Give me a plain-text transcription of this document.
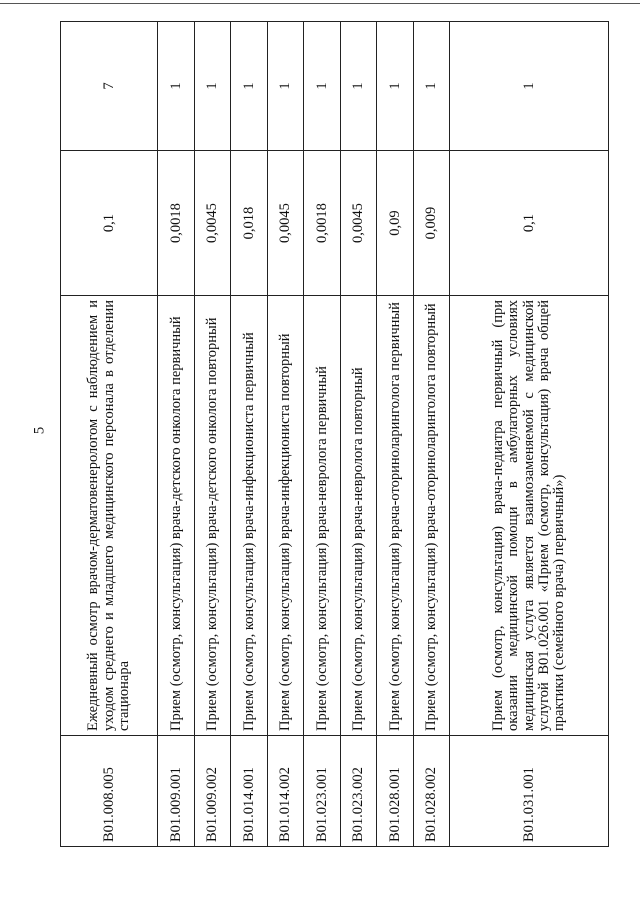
5
B01.008.005	Ежедневный осмотр врачом-дерматовенерологом с наблюдением и уходом среднего и младшего медицинского персонала в отделении стационара	0,1	7
B01.009.001	Прием (осмотр, консультация) врача-детского онколога первичный	0,0018	1
B01.009.002	Прием (осмотр, консультация) врача-детского онколога повторный	0,0045	1
B01.014.001	Прием (осмотр, консультация) врача-инфекциониста первичный	0,018	1
B01.014.002	Прием (осмотр, консультация) врача-инфекциониста повторный	0,0045	1
B01.023.001	Прием (осмотр, консультация) врача-невролога первичный	0,0018	1
B01.023.002	Прием (осмотр, консультация) врача-невролога повторный	0,0045	1
B01.028.001	Прием (осмотр, консультация) врача-оториноларинголога первичный	0,09	1
B01.028.002	Прием (осмотр, консультация) врача-оториноларинголога повторный	0,009	1
B01.031.001	Прием (осмотр, консультация) врача-педиатра первичный (при оказании медицинской помощи в амбулаторных условиях медицинская услуга является взаимозаменяемой с медицинской услугой B01.026.001 «Прием (осмотр, консультация) врача общей практики (семейного врача) первичный»)	0,1	1
